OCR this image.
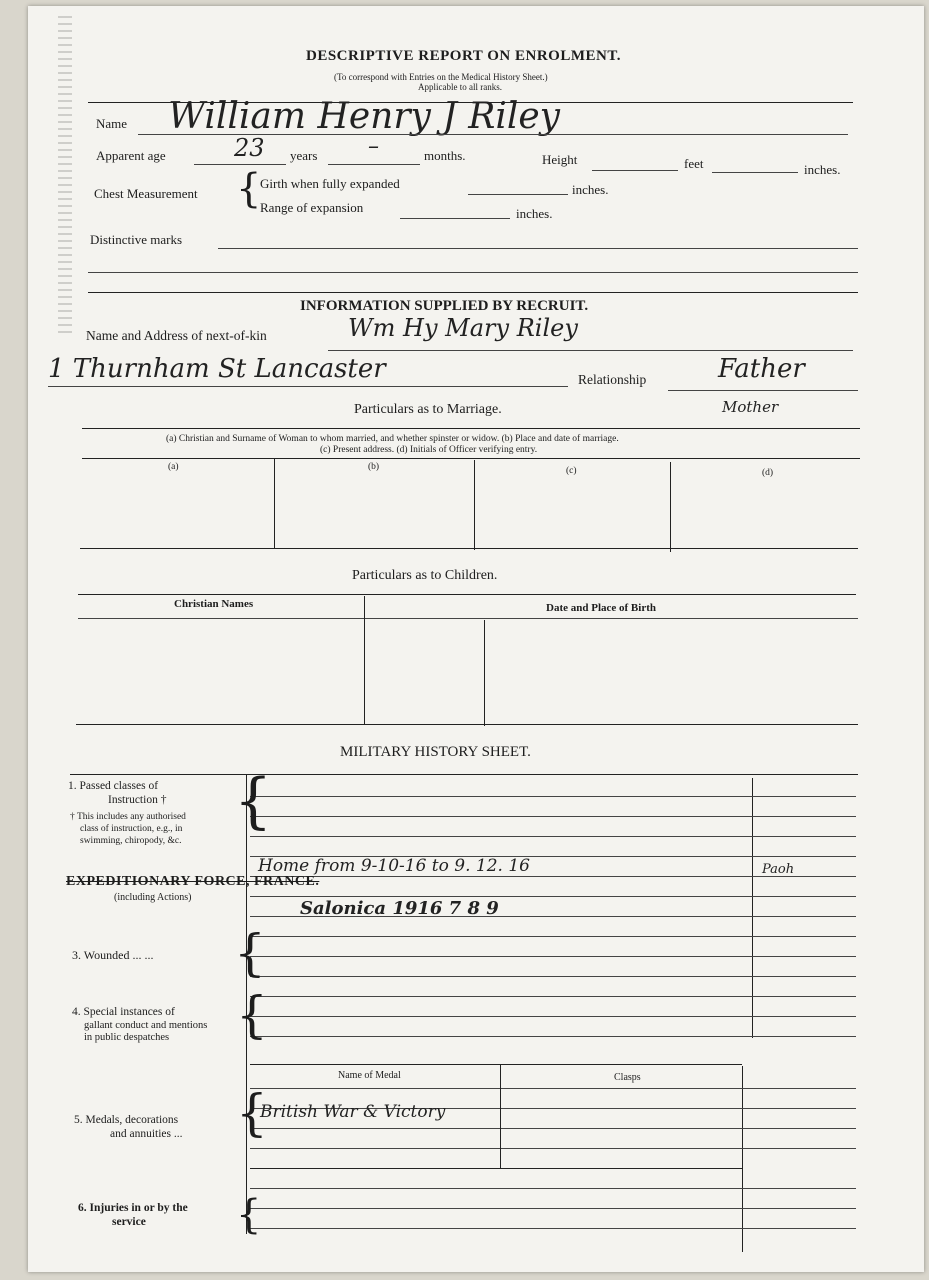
DESCRIPTIVE REPORT ON ENROLMENT.
(To correspond with Entries on the Medical History Sheet.)
Applicable to all ranks.
Name William Henry J Riley
Apparent age	23 years –	months.	Height	feet	inches.
Chest Measurement {
Girth when fully expanded	inches.
Range of expansion	inches.
Distinctive marks
INFORMATION SUPPLIED BY RECRUIT.
Name and Address of next-of-kin	Wm Hy Mary Riley
1 Thurnham St Lancaster	Relationship	Father
Mother
Particulars as to Marriage.
(a) Christian and Surname of Woman to whom married, and whether spinster or widow. (b) Place and date of marriage.
(c) Present address. (d) Initials of Officer verifying entry.
(a)	(b)	(c)	(d)
Particulars as to Children.
Christian Names	Date and Place of Birth
MILITARY HISTORY SHEET.
1. Passed classes of
Instruction †
† This includes any authorised
class of instruction, e.g., in
swimming, chiropody, &c.
{
EXPEDITIONARY FORCE, FRANCE.
(including Actions)
Home from 9-10-16 to 9. 12. 16
Salonica 1916 7 8 9
Paoh
3. Wounded ... ... {
4. Special instances of
gallant conduct and mentions
in public despatches {
Name of Medal	Clasps
5. Medals, decorations
and annuities ... {
British War & Victory
6. Injuries in or by the
service {
